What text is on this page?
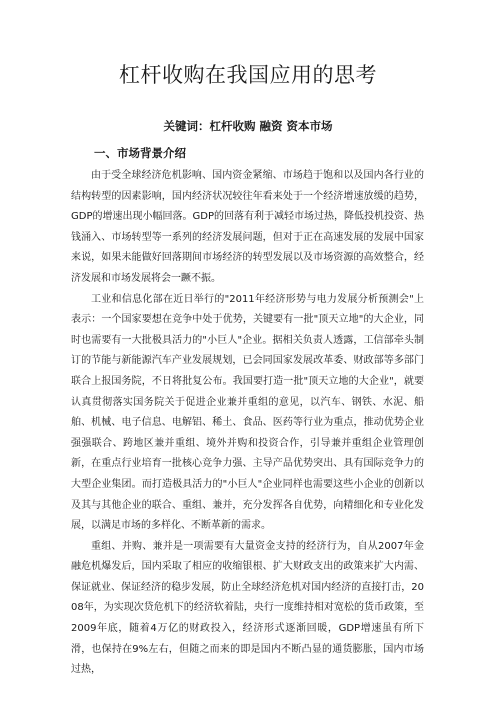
杠杆收购在我国应用的思考
关键词：杠杆收购 融资 资本市场
一、市场背景介绍

由于受全球经济危机影响、国内资金紧缩、市场趋于饱和以及国内各行业的结构转型的因素影响，国内经济状况较往年看来处于一个经济增速放缓的趋势，GDP的增速出现小幅回落。GDP的回落有利于减轻市场过热，降低投机投资、热钱涌入、市场转型等一系列的经济发展问题，但对于正在高速发展的发展中国家来说，如果未能做好回落期间市场经济的转型发展以及市场资源的高效整合，经济发展和市场发展将会一蹶不振。

工业和信息化部在近日举行的"2011年经济形势与电力发展分析预测会"上表示：一个国家要想在竞争中处于优势，关键要有一批"顶天立地"的大企业，同时也需要有一大批极具活力的"小巨人"企业。据相关负责人透露，工信部牵头制订的节能与新能源汽车产业发展规划，已会同国家发展改革委、财政部等多部门联合上报国务院，不日将批复公布。我国要打造一批"顶天立地的大企业"，就要认真贯彻落实国务院关于促进企业兼并重组的意见，以汽车、钢铁、水泥、船舶、机械、电子信息、电解铝、稀土、食品、医药等行业为重点，推动优势企业强强联合、跨地区兼并重组、境外并购和投资合作，引导兼并重组企业管理创新，在重点行业培育一批核心竞争力强、主导产品优势突出、具有国际竞争力的大型企业集团。而打造极具活力的"小巨人"企业同样也需要这些小企业的创新以及其与其他企业的联合、重组、兼并，充分发挥各自优势，向精细化和专业化发展，以满足市场的多样化、不断革新的需求。

重组、并购、兼并是一项需要有大量资金支持的经济行为，自从2007年金融危机爆发后，国内采取了相应的收缩银根、扩大财政支出的政策来扩大内需、保证就业、保证经济的稳步发展，防止全球经济危机对国内经济的直接打击，2008年，为实现次贷危机下的经济软着陆，央行一度维持相对宽松的货币政策，至2009年底，随着4万亿的财政投入，经济形式逐渐回暖，GDP增速虽有所下滑，也保持在9%左右，但随之而来的即是国内不断凸显的通货膨胀，国内市场过热，
